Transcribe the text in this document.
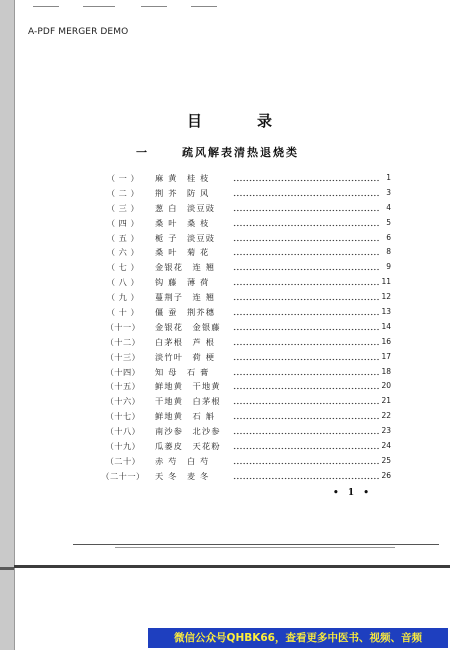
A-PDF MERGER DEMO
目　录
一	疏风解表清热退烧类
（ 一 ）	麻 黄　桂 枝	1
（ 二 ）	荆 芥　防 风	3
（ 三 ）	葱 白　淡豆豉	4
（ 四 ）	桑 叶　桑 枝	5
（ 五 ）	栀 子　淡豆豉	6
（ 六 ）	桑 叶　菊 花	8
（ 七 ）	金银花　连 翘	9
（ 八 ）	钩 藤　薄 荷	11
（ 九 ）	蔓荆子　连 翘	12
（ 十 ）	僵 蚕　荆芥穗	13
（十一）	金银花　金银藤	14
（十二）	白茅根　芦 根	16
（十三）	淡竹叶　荷 梗	17
（十四）	知 母　石 膏	18
（十五）	鲜地黄　干地黄	20
（十六）	干地黄　白茅根	21
（十七）	鲜地黄　石 斛	22
（十八）	南沙参　北沙参	23
（十九）	瓜蒌皮　天花粉	24
（二十）	赤 芍　白 芍	25
（二十一）	天 冬　麦 冬	26
• 1 •
微信公众号QHBK66，查看更多中医书、视频、音频
